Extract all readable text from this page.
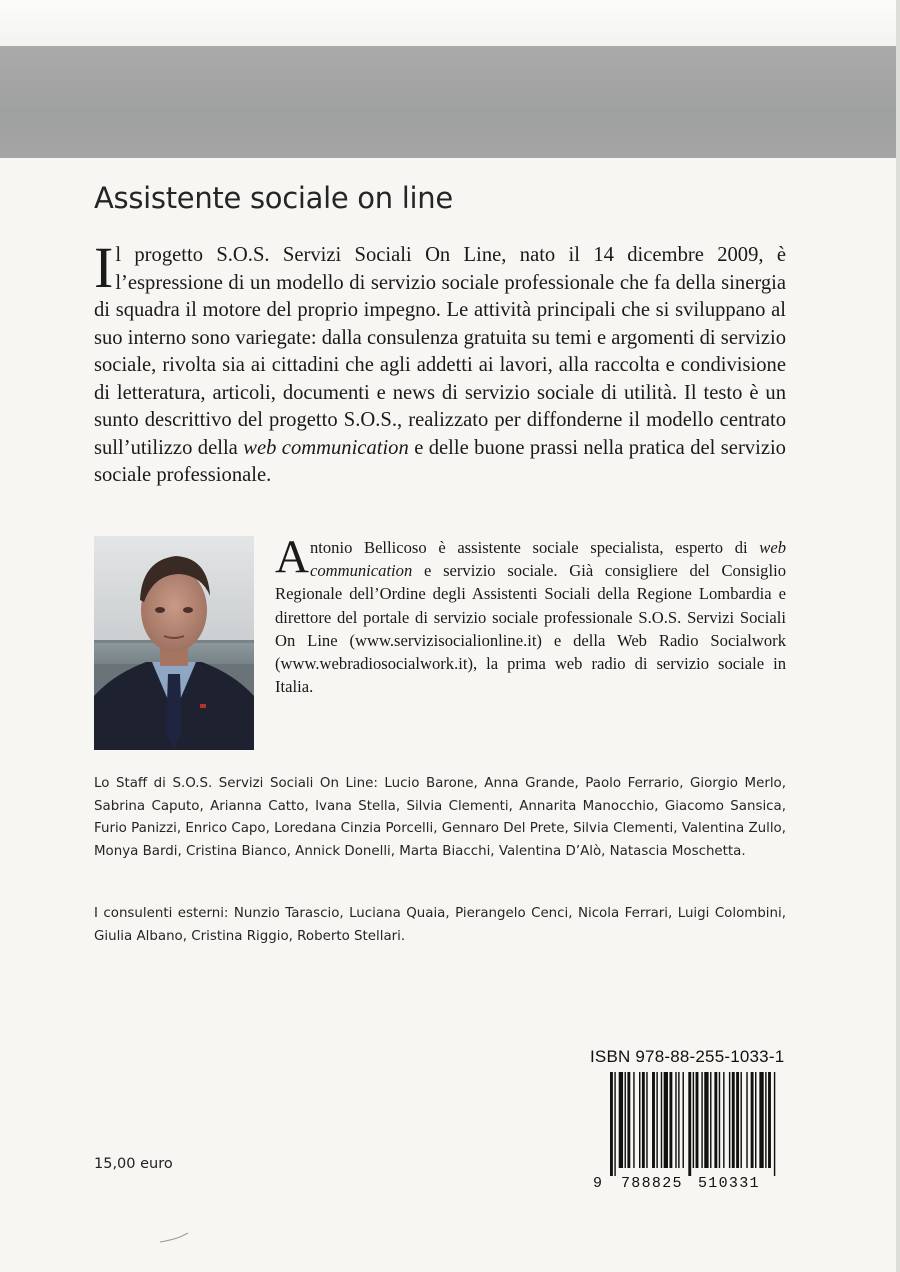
Assistente sociale on line

Il progetto S.O.S. Servizi Sociali On Line, nato il 14 dicembre 2009, è l’espressione di un modello di servizio sociale professionale che fa della sinergia di squadra il motore del proprio impegno. Le attività principali che si sviluppano al suo interno sono variegate: dalla consulenza gratuita su temi e argomenti di servizio sociale, rivolta sia ai cittadini che agli addetti ai lavori, alla raccolta e condivisione di letteratura, articoli, documenti e news di servizio sociale di utilità. Il testo è un sunto descrittivo del progetto S.O.S., realizzato per diffonderne il modello centrato sull’utilizzo della web communication e delle buone prassi nella pratica del servizio sociale professionale.

Antonio Bellicoso è assistente sociale specialista, esperto di web communication e servizio sociale. Già consigliere del Consiglio Regionale dell’Ordine degli Assistenti Sociali della Regione Lombardia e direttore del portale di servizio sociale professionale S.O.S. Servizi Sociali On Line (www.servizisocialionline.it) e della Web Radio Socialwork (www.webradiosocialwork.it), la prima web radio di servizio sociale in Italia.

Lo Staff di S.O.S. Servizi Sociali On Line: Lucio Barone, Anna Grande, Paolo Ferrario, Giorgio Merlo, Sabrina Caputo, Arianna Catto, Ivana Stella, Silvia Clementi, Annarita Manocchio, Giacomo Sansica, Furio Panizzi, Enrico Capo, Loredana Cinzia Porcelli, Gennaro Del Prete, Silvia Clementi, Valentina Zullo, Monya Bardi, Cristina Bianco, Annick Donelli, Marta Biacchi, Valentina D’Alò, Natascia Moschetta.

I consulenti esterni: Nunzio Tarascio, Luciana Quaia, Pierangelo Cenci, Nicola Ferrari, Luigi Colombini, Giulia Albano, Cristina Riggio, Roberto Stellari.

15,00 euro

ISBN 978-88-255-1033-1

9 788825 510331
